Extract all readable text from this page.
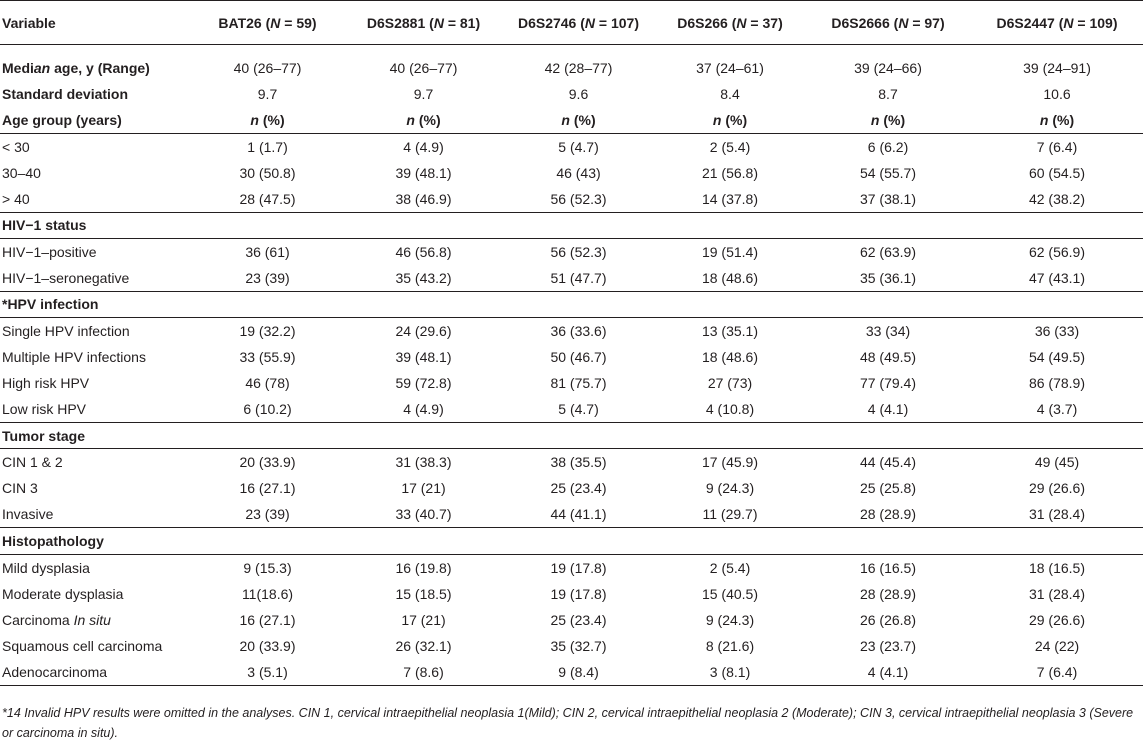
Variable	BAT26 (N = 59)	D6S2881 (N = 81)	D6S2746 (N = 107)	D6S266 (N = 37)	D6S2666 (N = 97)	D6S2447 (N = 109)

Median age, y (Range)	40 (26–77)	40 (26–77)	42 (28–77)	37 (24–61)	39 (24–66)	39 (24–91)
Standard deviation	9.7	9.7	9.6	8.4	8.7	10.6
Age group (years)	n (%)	n (%)	n (%)	n (%)	n (%)	n (%)
< 30	1 (1.7)	4 (4.9)	5 (4.7)	2 (5.4)	6 (6.2)	7 (6.4)
30–40	30 (50.8)	39 (48.1)	46 (43)	21 (56.8)	54 (55.7)	60 (54.5)
> 40	28 (47.5)	38 (46.9)	56 (52.3)	14 (37.8)	37 (38.1)	42 (38.2)
HIV−1 status						
HIV−1–positive	36 (61)	46 (56.8)	56 (52.3)	19 (51.4)	62 (63.9)	62 (56.9)
HIV−1–seronegative	23 (39)	35 (43.2)	51 (47.7)	18 (48.6)	35 (36.1)	47 (43.1)
*HPV infection						
Single HPV infection	19 (32.2)	24 (29.6)	36 (33.6)	13 (35.1)	33 (34)	36 (33)
Multiple HPV infections	33 (55.9)	39 (48.1)	50 (46.7)	18 (48.6)	48 (49.5)	54 (49.5)
High risk HPV	46 (78)	59 (72.8)	81 (75.7)	27 (73)	77 (79.4)	86 (78.9)
Low risk HPV	6 (10.2)	4 (4.9)	5 (4.7)	4 (10.8)	4 (4.1)	4 (3.7)
Tumor stage						
CIN 1 & 2	20 (33.9)	31 (38.3)	38 (35.5)	17 (45.9)	44 (45.4)	49 (45)
CIN 3	16 (27.1)	17 (21)	25 (23.4)	9 (24.3)	25 (25.8)	29 (26.6)
Invasive	23 (39)	33 (40.7)	44 (41.1)	11 (29.7)	28 (28.9)	31 (28.4)
Histopathology						
Mild dysplasia	9 (15.3)	16 (19.8)	19 (17.8)	2 (5.4)	16 (16.5)	18 (16.5)
Moderate dysplasia	11(18.6)	15 (18.5)	19 (17.8)	15 (40.5)	28 (28.9)	31 (28.4)
Carcinoma In situ	16 (27.1)	17 (21)	25 (23.4)	9 (24.3)	26 (26.8)	29 (26.6)
Squamous cell carcinoma	20 (33.9)	26 (32.1)	35 (32.7)	8 (21.6)	23 (23.7)	24 (22)
Adenocarcinoma	3 (5.1)	7 (8.6)	9 (8.4)	3 (8.1)	4 (4.1)	7 (6.4)
*14 Invalid HPV results were omitted in the analyses. CIN 1, cervical intraepithelial neoplasia 1(Mild); CIN 2, cervical intraepithelial neoplasia 2 (Moderate); CIN 3, cervical intraepithelial neoplasia 3 (Severe or carcinoma in situ).
